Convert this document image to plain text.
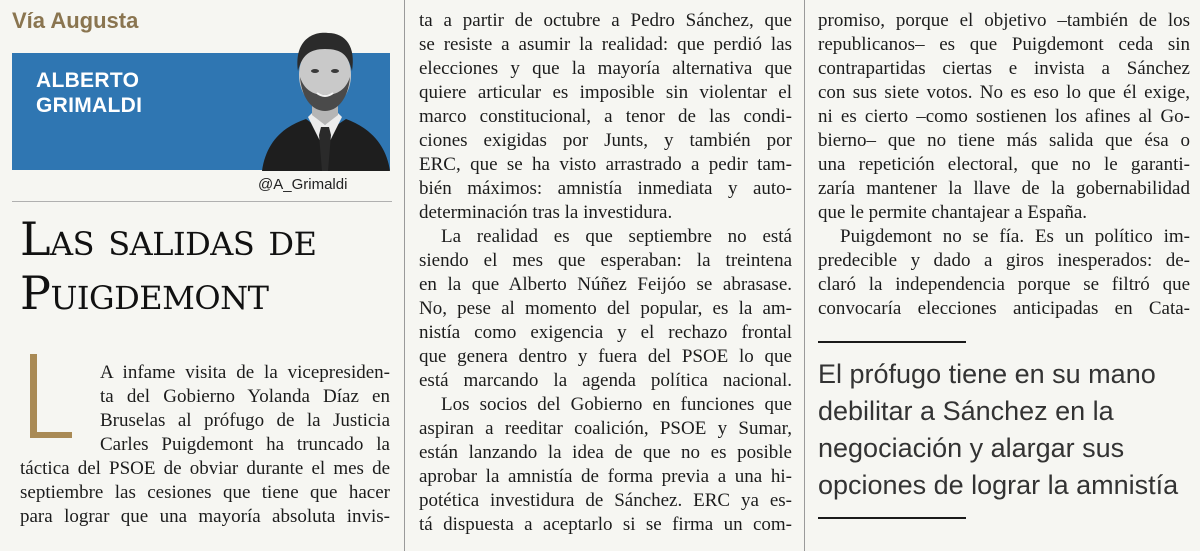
Vía Augusta
ALBERTO
GRIMALDI
@A_Grimaldi
Las salidas de
Puigdemont
A infame visita de la vicepresiden-
ta del Gobierno Yolanda Díaz en
Bruselas al prófugo de la Justicia
Carles Puigdemont ha truncado la
táctica del PSOE de obviar durante el mes de
septiembre las cesiones que tiene que hacer
para lograr que una mayoría absoluta invis-
ta a partir de octubre a Pedro Sánchez, que
se resiste a asumir la realidad: que perdió las
elecciones y que la mayoría alternativa que
quiere articular es imposible sin violentar el
marco constitucional, a tenor de las condi-
ciones exigidas por Junts, y también por
ERC, que se ha visto arrastrado a pedir tam-
bién máximos: amnistía inmediata y auto-
determinación tras la investidura.
La realidad es que septiembre no está
siendo el mes que esperaban: la treintena
en la que Alberto Núñez Feijóo se abrasase.
No, pese al momento del popular, es la am-
nistía como exigencia y el rechazo frontal
que genera dentro y fuera del PSOE lo que
está marcando la agenda política nacional.
Los socios del Gobierno en funciones que
aspiran a reeditar coalición, PSOE y Sumar,
están lanzando la idea de que no es posible
aprobar la amnistía de forma previa a una hi-
potética investidura de Sánchez. ERC ya es-
tá dispuesta a aceptarlo si se firma un com-
promiso, porque el objetivo –también de los
republicanos– es que Puigdemont ceda sin
contrapartidas ciertas e invista a Sánchez
con sus siete votos. No es eso lo que él exige,
ni es cierto –como sostienen los afines al Go-
bierno– que no tiene más salida que ésa o
una repetición electoral, que no le garanti-
zaría mantener la llave de la gobernabilidad
que le permite chantajear a España.
Puigdemont no se fía. Es un político im-
predecible y dado a giros inesperados: de-
claró la independencia porque se filtró que
convocaría elecciones anticipadas en Cata-
El prófugo tiene en su mano
debilitar a Sánchez en la
negociación y alargar sus
opciones de lograr la amnistía
